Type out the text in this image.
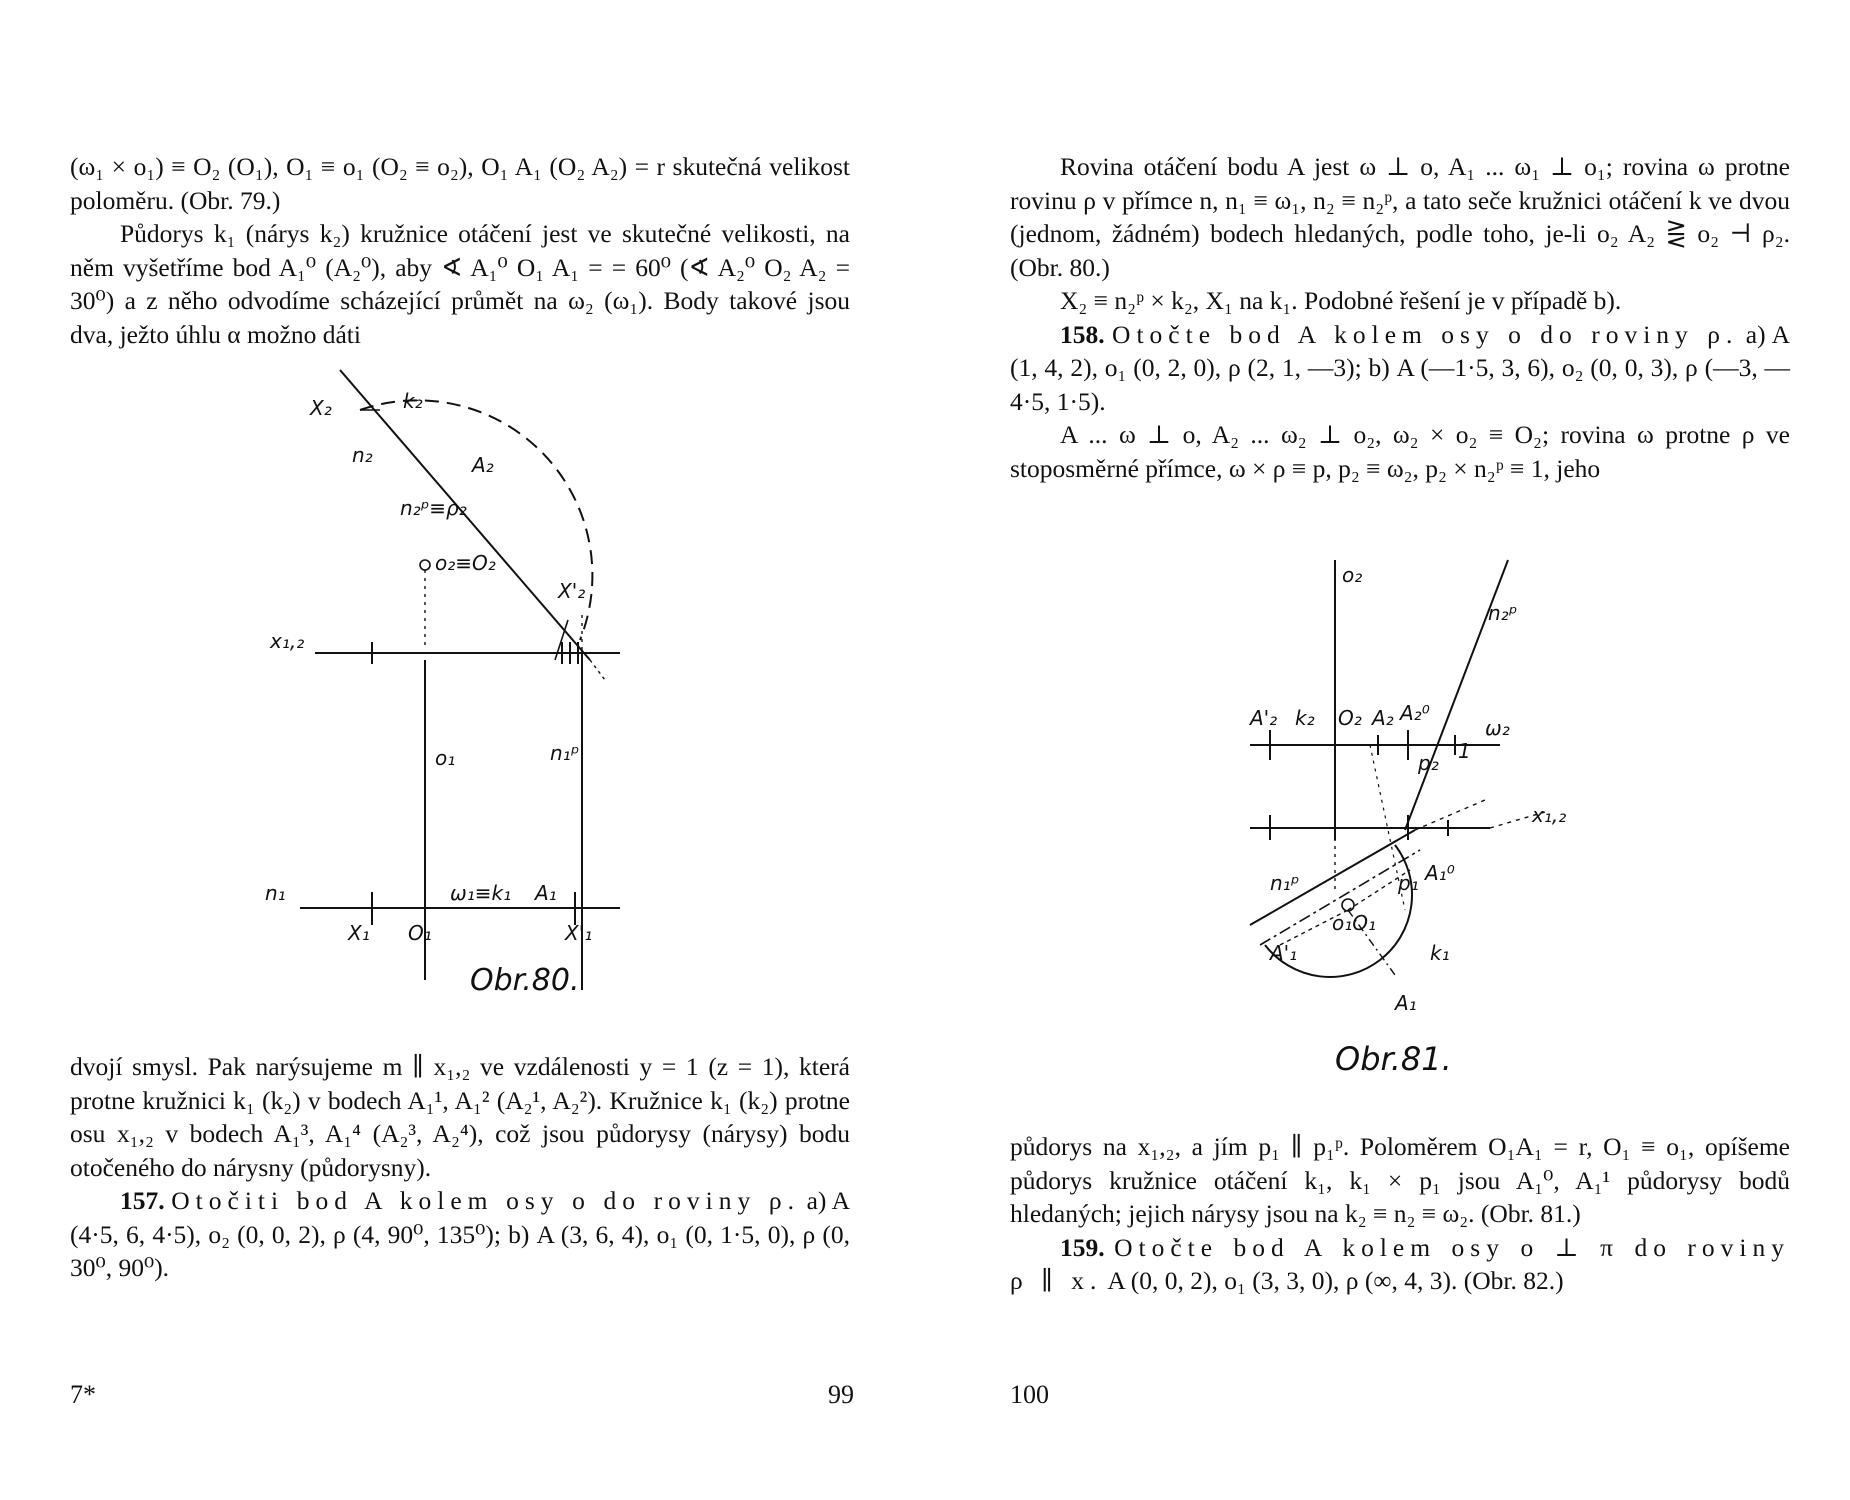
(ω₁ × o₁) ≡ O₂ (O₁), O₁ ≡ o₁ (O₂ ≡ o₂), O₁ A₁ (O₂ A₂) = r skutečná velikost poloměru. (Obr. 79.)

Půdorys k₁ (nárys k₂) kružnice otáčení jest ve skutečné velikosti, na něm vyšetříme bod A₁⁰ (A₂⁰), aby ∢ A₁⁰ O₁ A₁ = = 60⁰ (∢ A₂⁰ O₂ A₂ = 30⁰) a z něho odvodíme scházející průmět na ω₂ (ω₁). Body takové jsou dva, ježto úhlu α možno dáti

X₂	k₂
A₂
n₂
n₂ᵖ≡ρ₂
o₂≡O₂
X'₂
x₁,₂
o₁	n₁ᵖ
n₁	ω₁≡k₁ A₁
X₁ O₁	X'₁
Obr.80.

dvojí smysl. Pak narýsujeme m ∥ x₁,₂ ve vzdálenosti y = 1 (z = 1), která protne kružnici k₁ (k₂) v bodech A₁¹, A₁² (A₂¹, A₂²). Kružnice k₁ (k₂) protne osu x₁,₂ v bodech A₁³, A₁⁴ (A₂³, A₂⁴), což jsou půdorysy (nárysy) bodu otočeného do nárysny (půdorysny).

157. Otočiti bod A kolem osy o do roviny ρ. a) A (4·5, 6, 4·5), o₂ (0, 0, 2), ρ (4, 90⁰, 135⁰); b) A (3, 6, 4), o₁ (0, 1·5, 0), ρ (0, 30⁰, 90⁰).

7*	99

Rovina otáčení bodu A jest ω ⊥ o, A₁ ... ω₁ ⊥ o₁; rovina ω protne rovinu ρ v přímce n, n₁ ≡ ω₁, n₂ ≡ n₂ᵖ, a tato seče kružnici otáčení k ve dvou (jednom, žádném) bodech hledaných, podle toho, je-li o₂ A₂ ⋛ o₂ ⊣ ρ₂. (Obr. 80.)

X₂ ≡ n₂ᵖ × k₂, X₁ na k₁. Podobné řešení je v případě b).

158. Otočte bod A kolem osy o do roviny ρ. a) A (1, 4, 2), o₁ (0, 2, 0), ρ (2, 1, —3); b) A (—1·5, 3, 6), o₂ (0, 0, 3), ρ (—3, —4·5, 1·5).

A ... ω ⊥ o, A₂ ... ω₂ ⊥ o₂, ω₂ × o₂ ≡ O₂; rovina ω protne ρ ve stoposměrné přímce, ω × ρ ≡ p, p₂ ≡ ω₂, p₂ × n₂ᵖ ≡ 1, jeho

o₂
n₂ᵖ
A'₂ k₂ O₂ A₂ A₂⁰
p₂ 1
ω₂
x₁,₂
n₁ᵖ	p₁ A₁⁰
A'₁
o₁O₁
k₁
A₁
Obr.81.

půdorys na x₁,₂, a jím p₁ ∥ p₁ᵖ. Poloměrem O₁A₁ = r, O₁ ≡ o₁, opíšeme půdorys kružnice otáčení k₁, k₁ × p₁ jsou A₁⁰, A₁¹ půdorysy bodů hledaných; jejich nárysy jsou na k₂ ≡ n₂ ≡ ω₂. (Obr. 81.)

159. Otočte bod A kolem osy o ⊥ π do roviny ρ ∥ x. A (0, 0, 2), o₁ (3, 3, 0), ρ (∞, 4, 3). (Obr. 82.)

100
